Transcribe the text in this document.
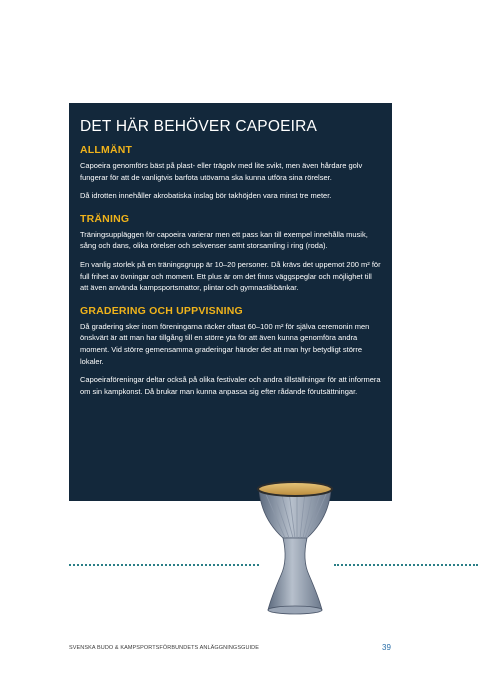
DET HÄR BEHÖVER CAPOEIRA
ALLMÄNT

Capoeira genomförs bäst på plast- eller trägolv med lite svikt, men även hårdare golv fungerar för att de vanligtvis barfota utövarna ska kunna utföra sina rörelser.

Då idrotten innehåller akrobatiska inslag bör takhöjden vara minst tre meter.

TRÄNING

Träningsuppläggen för capoeira varierar men ett pass kan till exempel innehålla musik, sång och dans, olika rörelser och sekvenser samt storsamling i ring (roda).

En vanlig storlek på en träningsgrupp är 10–20 personer. Då krävs det uppemot 200 m² för full frihet av övningar och moment. Ett plus är om det finns väggspeglar och möjlighet till att även använda kampsportsmattor, plintar och gymnastikbänkar.

GRADERING OCH UPPVISNING

Då gradering sker inom föreningarna räcker oftast 60–100 m² för själva ceremonin men önskvärt är att man har tillgång till en större yta för att även kunna genomföra andra moment. Vid större gemensamma graderingar händer det att man hyr betydligt större lokaler.

Capoeiraföreningar deltar också på olika festivaler och andra tillställningar för att informera om sin kampkonst. Då brukar man kunna anpassa sig efter rådande förutsättningar.

SVENSKA BUDO & KAMPSPORTSFÖRBUNDETS ANLÄGGNINGSGUIDE	39
